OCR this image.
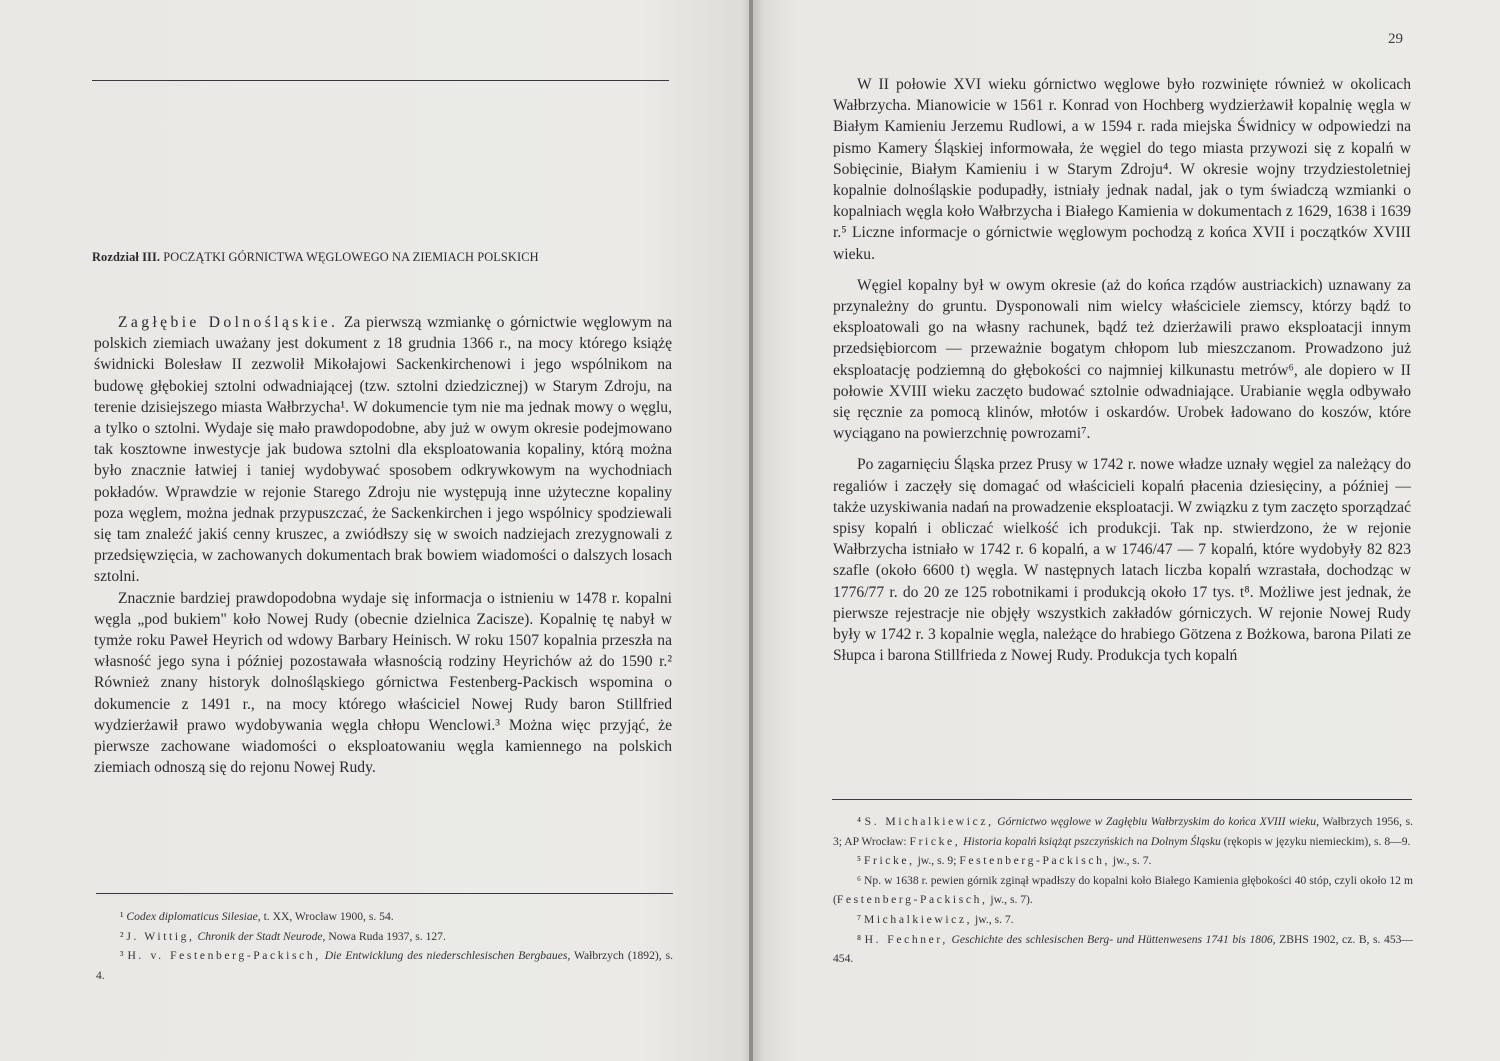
Rozdział III. POCZĄTKI GÓRNICTWA WĘGLOWEGO NA ZIEMIACH POLSKICH

Zagłębie Dolnośląskie. Za pierwszą wzmiankę o górnictwie węglowym na polskich ziemiach uważany jest dokument z 18 grudnia 1366 r., na mocy którego książę świdnicki Bolesław II zezwolił Mikołajowi Sackenkirchenowi i jego wspólnikom na budowę głębokiej sztolni odwadniającej (tzw. sztolni dziedzicznej) w Starym Zdroju, na terenie dzisiejszego miasta Wałbrzycha¹. W dokumencie tym nie ma jednak mowy o węglu, a tylko o sztolni. Wydaje się mało prawdopodobne, aby już w owym okresie podejmowano tak kosztowne inwestycje jak budowa sztolni dla eksploatowania kopaliny, którą można było znacznie łatwiej i taniej wydobywać sposobem odkrywkowym na wychodniach pokładów. Wprawdzie w rejonie Starego Zdroju nie występują inne użyteczne kopaliny poza węglem, można jednak przypuszczać, że Sackenkirchen i jego wspólnicy spodziewali się tam znaleźć jakiś cenny kruszec, a zwiódłszy się w swoich nadziejach zrezygnowali z przedsięwzięcia, w zachowanych dokumentach brak bowiem wiadomości o dalszych losach sztolni.

Znacznie bardziej prawdopodobna wydaje się informacja o istnieniu w 1478 r. kopalni węgla „pod bukiem" koło Nowej Rudy (obecnie dzielnica Zacisze). Kopalnię tę nabył w tymże roku Paweł Heyrich od wdowy Barbary Heinisch. W roku 1507 kopalnia przeszła na własność jego syna i później pozostawała własnością rodziny Heyrichów aż do 1590 r.² Również znany historyk dolnośląskiego górnictwa Festenberg-Packisch wspomina o dokumencie z 1491 r., na mocy którego właściciel Nowej Rudy baron Stillfried wydzierżawił prawo wydobywania węgla chłopu Wenclowi.³ Można więc przyjąć, że pierwsze zachowane wiadomości o eksploatowaniu węgla kamiennego na polskich ziemiach odnoszą się do rejonu Nowej Rudy.

¹ Codex diplomaticus Silesiae, t. XX, Wrocław 1900, s. 54.

² J. Wittig, Chronik der Stadt Neurode, Nowa Ruda 1937, s. 127.

³ H. v. Festenberg-Packisch, Die Entwicklung des niederschlesischen Bergbaues, Wałbrzych (1892), s. 4.

29

W II połowie XVI wieku górnictwo węglowe było rozwinięte również w okolicach Wałbrzycha. Mianowicie w 1561 r. Konrad von Hochberg wydzierżawił kopalnię węgla w Białym Kamieniu Jerzemu Rudlowi, a w 1594 r. rada miejska Świdnicy w odpowiedzi na pismo Kamery Śląskiej informowała, że węgiel do tego miasta przywozi się z kopalń w Sobięcinie, Białym Kamieniu i w Starym Zdroju⁴. W okresie wojny trzydziestoletniej kopalnie dolnośląskie podupadły, istniały jednak nadal, jak o tym świadczą wzmianki o kopalniach węgla koło Wałbrzycha i Białego Kamienia w dokumentach z 1629, 1638 i 1639 r.⁵ Liczne informacje o górnictwie węglowym pochodzą z końca XVII i początków XVIII wieku.

Węgiel kopalny był w owym okresie (aż do końca rządów austriackich) uznawany za przynależny do gruntu. Dysponowali nim wielcy właściciele ziemscy, którzy bądź to eksploatowali go na własny rachunek, bądź też dzierżawili prawo eksploatacji innym przedsiębiorcom — przeważnie bogatym chłopom lub mieszczanom. Prowadzono już eksploatację podziemną do głębokości co najmniej kilkunastu metrów⁶, ale dopiero w II połowie XVIII wieku zaczęto budować sztolnie odwadniające. Urabianie węgla odbywało się ręcznie za pomocą klinów, młotów i oskardów. Urobek ładowano do koszów, które wyciągano na powierzchnię powrozami⁷.

Po zagarnięciu Śląska przez Prusy w 1742 r. nowe władze uznały węgiel za należący do regaliów i zaczęły się domagać od właścicieli kopalń płacenia dziesięciny, a później — także uzyskiwania nadań na prowadzenie eksploatacji. W związku z tym zaczęto sporządzać spisy kopalń i obliczać wielkość ich produkcji. Tak np. stwierdzono, że w rejonie Wałbrzycha istniało w 1742 r. 6 kopalń, a w 1746/47 — 7 kopalń, które wydobyły 82 823 szafle (około 6600 t) węgla. W następnych latach liczba kopalń wzrastała, dochodząc w 1776/77 r. do 20 ze 125 robotnikami i produkcją około 17 tys. t⁸. Możliwe jest jednak, że pierwsze rejestracje nie objęły wszystkich zakładów górniczych. W rejonie Nowej Rudy były w 1742 r. 3 kopalnie węgla, należące do hrabiego Götzena z Bożkowa, barona Pilati ze Słupca i barona Stillfrieda z Nowej Rudy. Produkcja tych kopalń

⁴ S. Michalkiewicz, Górnictwo węglowe w Zagłębiu Wałbrzyskim do końca XVIII wieku, Wałbrzych 1956, s. 3; AP Wrocław: Fricke, Historia kopalń książąt pszczyńskich na Dolnym Śląsku (rękopis w języku niemieckim), s. 8—9.

⁵ Fricke, jw., s. 9; Festenberg-Packisch, jw., s. 7.

⁶ Np. w 1638 r. pewien górnik zginął wpadłszy do kopalni koło Białego Kamienia głębokości 40 stóp, czyli około 12 m (Festenberg-Packisch, jw., s. 7).

⁷ Michalkiewicz, jw., s. 7.

⁸ H. Fechner, Geschichte des schlesischen Berg- und Hüttenwesens 1741 bis 1806, ZBHS 1902, cz. B, s. 453—454.
